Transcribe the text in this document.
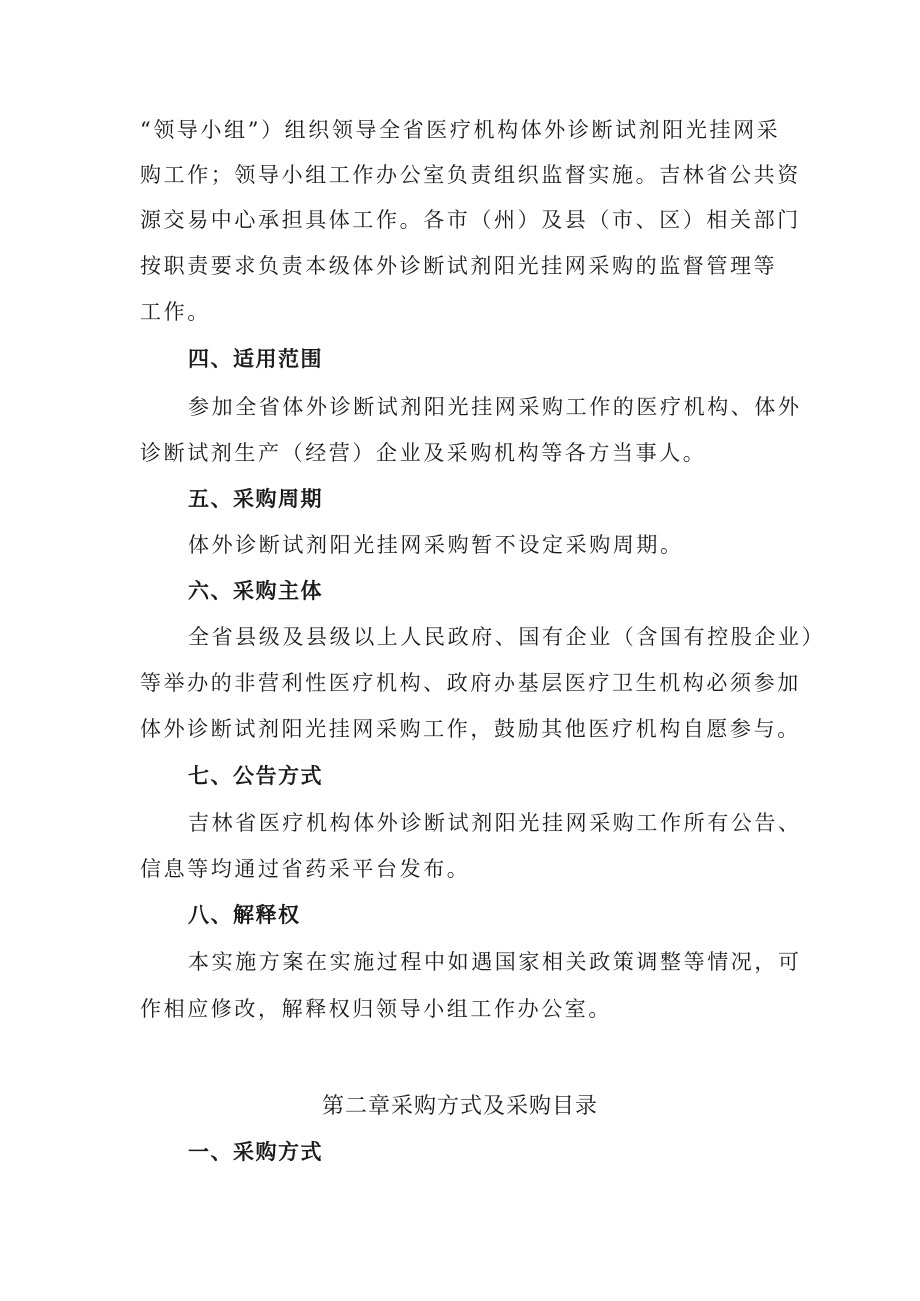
“领导小组”）组织领导全省医疗机构体外诊断试剂阳光挂网采
购工作；领导小组工作办公室负责组织监督实施。吉林省公共资
源交易中心承担具体工作。各市（州）及县（市、区）相关部门
按职责要求负责本级体外诊断试剂阳光挂网采购的监督管理等
工作。
四、适用范围
参加全省体外诊断试剂阳光挂网采购工作的医疗机构、体外
诊断试剂生产（经营）企业及采购机构等各方当事人。
五、采购周期
体外诊断试剂阳光挂网采购暂不设定采购周期。
六、采购主体
全省县级及县级以上人民政府、国有企业（含国有控股企业）
等举办的非营利性医疗机构、政府办基层医疗卫生机构必须参加
体外诊断试剂阳光挂网采购工作，鼓励其他医疗机构自愿参与。
七、公告方式
吉林省医疗机构体外诊断试剂阳光挂网采购工作所有公告、
信息等均通过省药采平台发布。
八、解释权
本实施方案在实施过程中如遇国家相关政策调整等情况，可
作相应修改，解释权归领导小组工作办公室。
第二章采购方式及采购目录
一、采购方式
